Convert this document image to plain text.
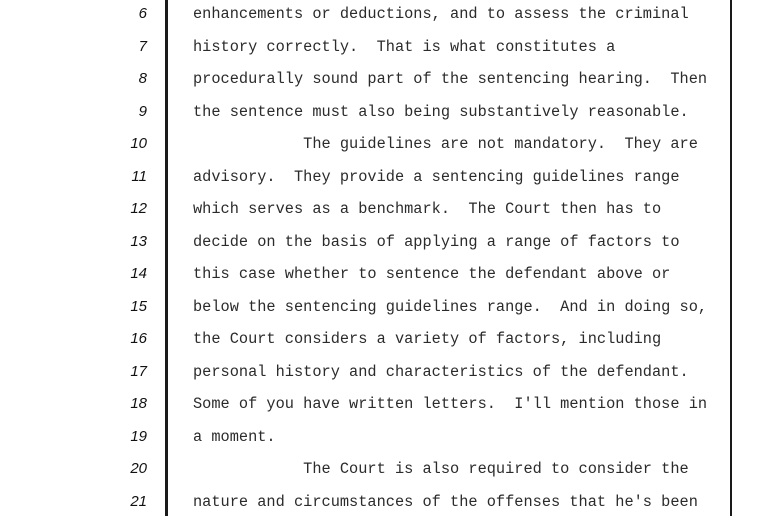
6	enhancements or deductions, and to assess the criminal
7	history correctly.  That is what constitutes a
8	procedurally sound part of the sentencing hearing.  Then
9	the sentence must also being substantively reasonable.
10	The guidelines are not mandatory.  They are
11	advisory.  They provide a sentencing guidelines range
12	which serves as a benchmark.  The Court then has to
13	decide on the basis of applying a range of factors to
14	this case whether to sentence the defendant above or
15	below the sentencing guidelines range.  And in doing so,
16	the Court considers a variety of factors, including
17	personal history and characteristics of the defendant.
18	Some of you have written letters.  I'll mention those in
19	a moment.
20	The Court is also required to consider the
21	nature and circumstances of the offenses that he's been
